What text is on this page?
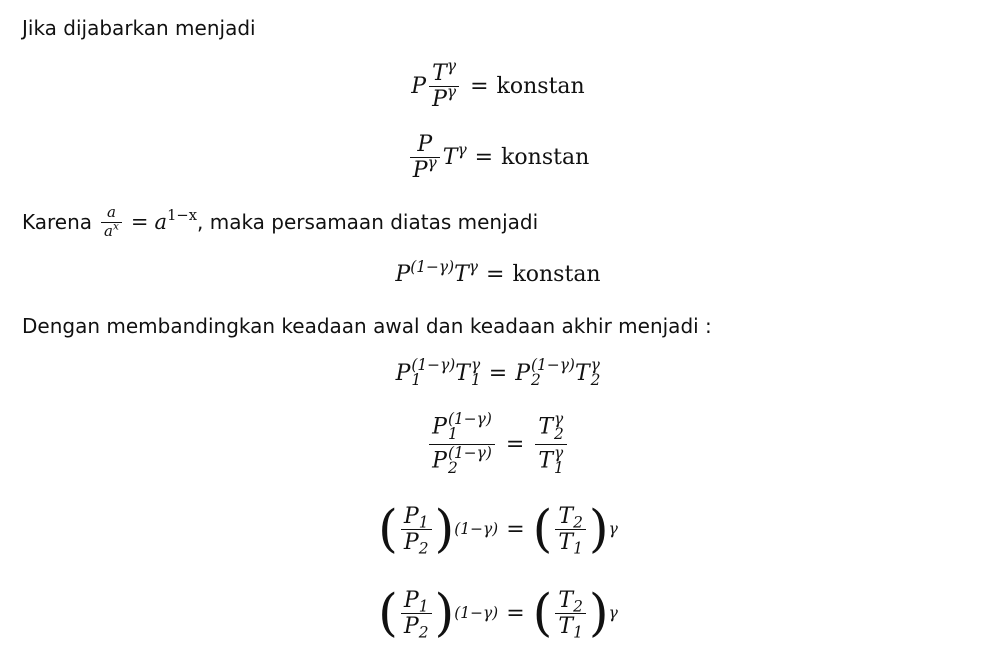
Jika dijabarkan menjadi
P $\frac{T^\gamma}{P^\gamma}$ = konstan
$\frac{P}{P^\gamma} T^\gamma$ = konstan
Karena $\frac{a}{a^x} = a^{1-x}$ , maka persamaan diatas menjadi
$P^{(1-\gamma)}$ $T^\gamma$ = konstan
Dengan membandingkan keadaan awal dan keadaan akhir menjadi :
P (1−γ)
1	T γ
1 = P (1−γ)
2	T γ
2
P (1−γ)
1
P (1−γ)
2 = T γ
2
T γ
1
( $\frac{P_1}{P_2}$ ) (1−γ) = ( $\frac{T_2}{T_1}$ ) γ
( $\frac{P_1}{P_2}$ ) (1−γ) = ( $\frac{T_2}{T_1}$ ) γ
